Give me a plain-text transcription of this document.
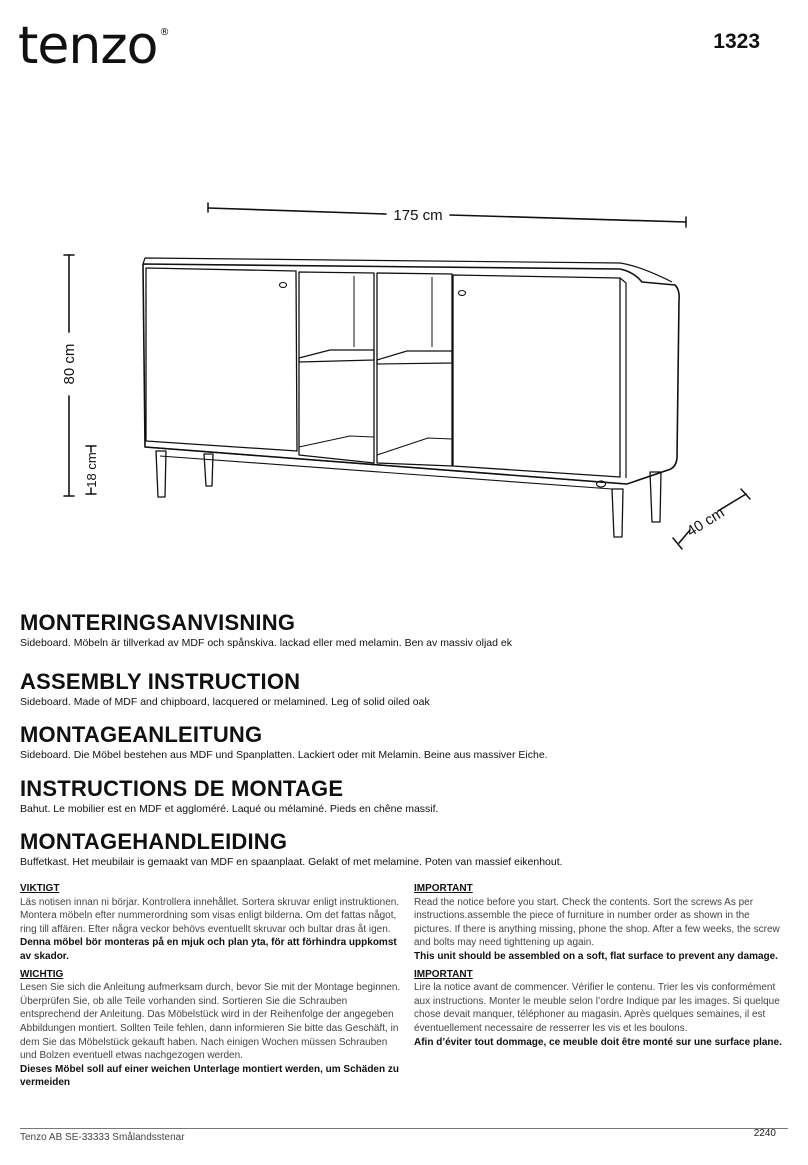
tenzo ®	1323
175 cm
80 cm
18 cm
40 cm
MONTERINGSANVISNING

Sideboard. Möbeln är tillverkad av MDF och spånskiva. lackad eller med melamin. Ben av massiv oljad ek

ASSEMBLY INSTRUCTION

Sideboard. Made of MDF and chipboard, lacquered or melamined. Leg of solid oiled oak

MONTAGEANLEITUNG

Sideboard. Die Möbel bestehen aus MDF und Spanplatten. Lackiert oder mit Melamin. Beine aus massiver Eiche.

INSTRUCTIONS DE MONTAGE

Bahut. Le mobilier est en MDF et aggloméré. Laqué ou mélaminé. Pieds en chêne massif.

MONTAGEHANDLEIDING

Buffetkast. Het meubilair is gemaakt van MDF en spaanplaat. Gelakt of met melamine. Poten van massief eikenhout.

VIKTIGT

Läs notisen innan ni börjar. Kontrollera innehållet. Sortera skruvar enligt instruktionen. Montera möbeln efter nummerordning som visas enligt bilderna. Om det fattas något, ring till affären. Efter några veckor behövs eventuellt skruvar och bultar dras åt igen.

Denna möbel bör monteras på en mjuk och plan yta, för att förhindra uppkomst av skador.

WICHTIG

Lesen Sie sich die Anleitung aufmerksam durch, bevor Sie mit der Montage beginnen. Überprüfen Sie, ob alle Teile vorhanden sind. Sortieren Sie die Schrauben entsprechend der Anleitung. Das Möbelstück wird in der Reihenfolge der angegeben Abbildungen montiert. Sollten Teile fehlen, dann informieren Sie bitte das Geschäft, in dem Sie das Möbelstück gekauft haben. Nach einigen Wochen müssen Schrauben und Bolzen eventuell etwas nachgezogen werden.

Dieses Möbel soll auf einer weichen Unterlage montiert werden, um Schäden zu vermeiden

IMPORTANT

Read the notice before you start. Check the contents. Sort the screws As per instructions.assemble the piece of furniture in number order as shown in the pictures. If there is anything missing, phone the shop. After a few weeks, the screw and bolts may need tighttening up again.

This unit should be assembled on a soft, flat surface to prevent any damage.

IMPORTANT

Lire la notice avant de commencer. Vérifier le contenu. Trier les vis conformément aux instructions. Monter le meuble selon l’ordre Indique par les images. Si quelque chose devait manquer, téléphoner au magasin. Après quelques semaines, il est éventuellement necessaire de resserrer les vis et les boulons.

Afin d’éviter tout dommage, ce meuble doit être monté sur une surface plane.

Tenzo AB SE-33333 Smålandsstenar	2240
